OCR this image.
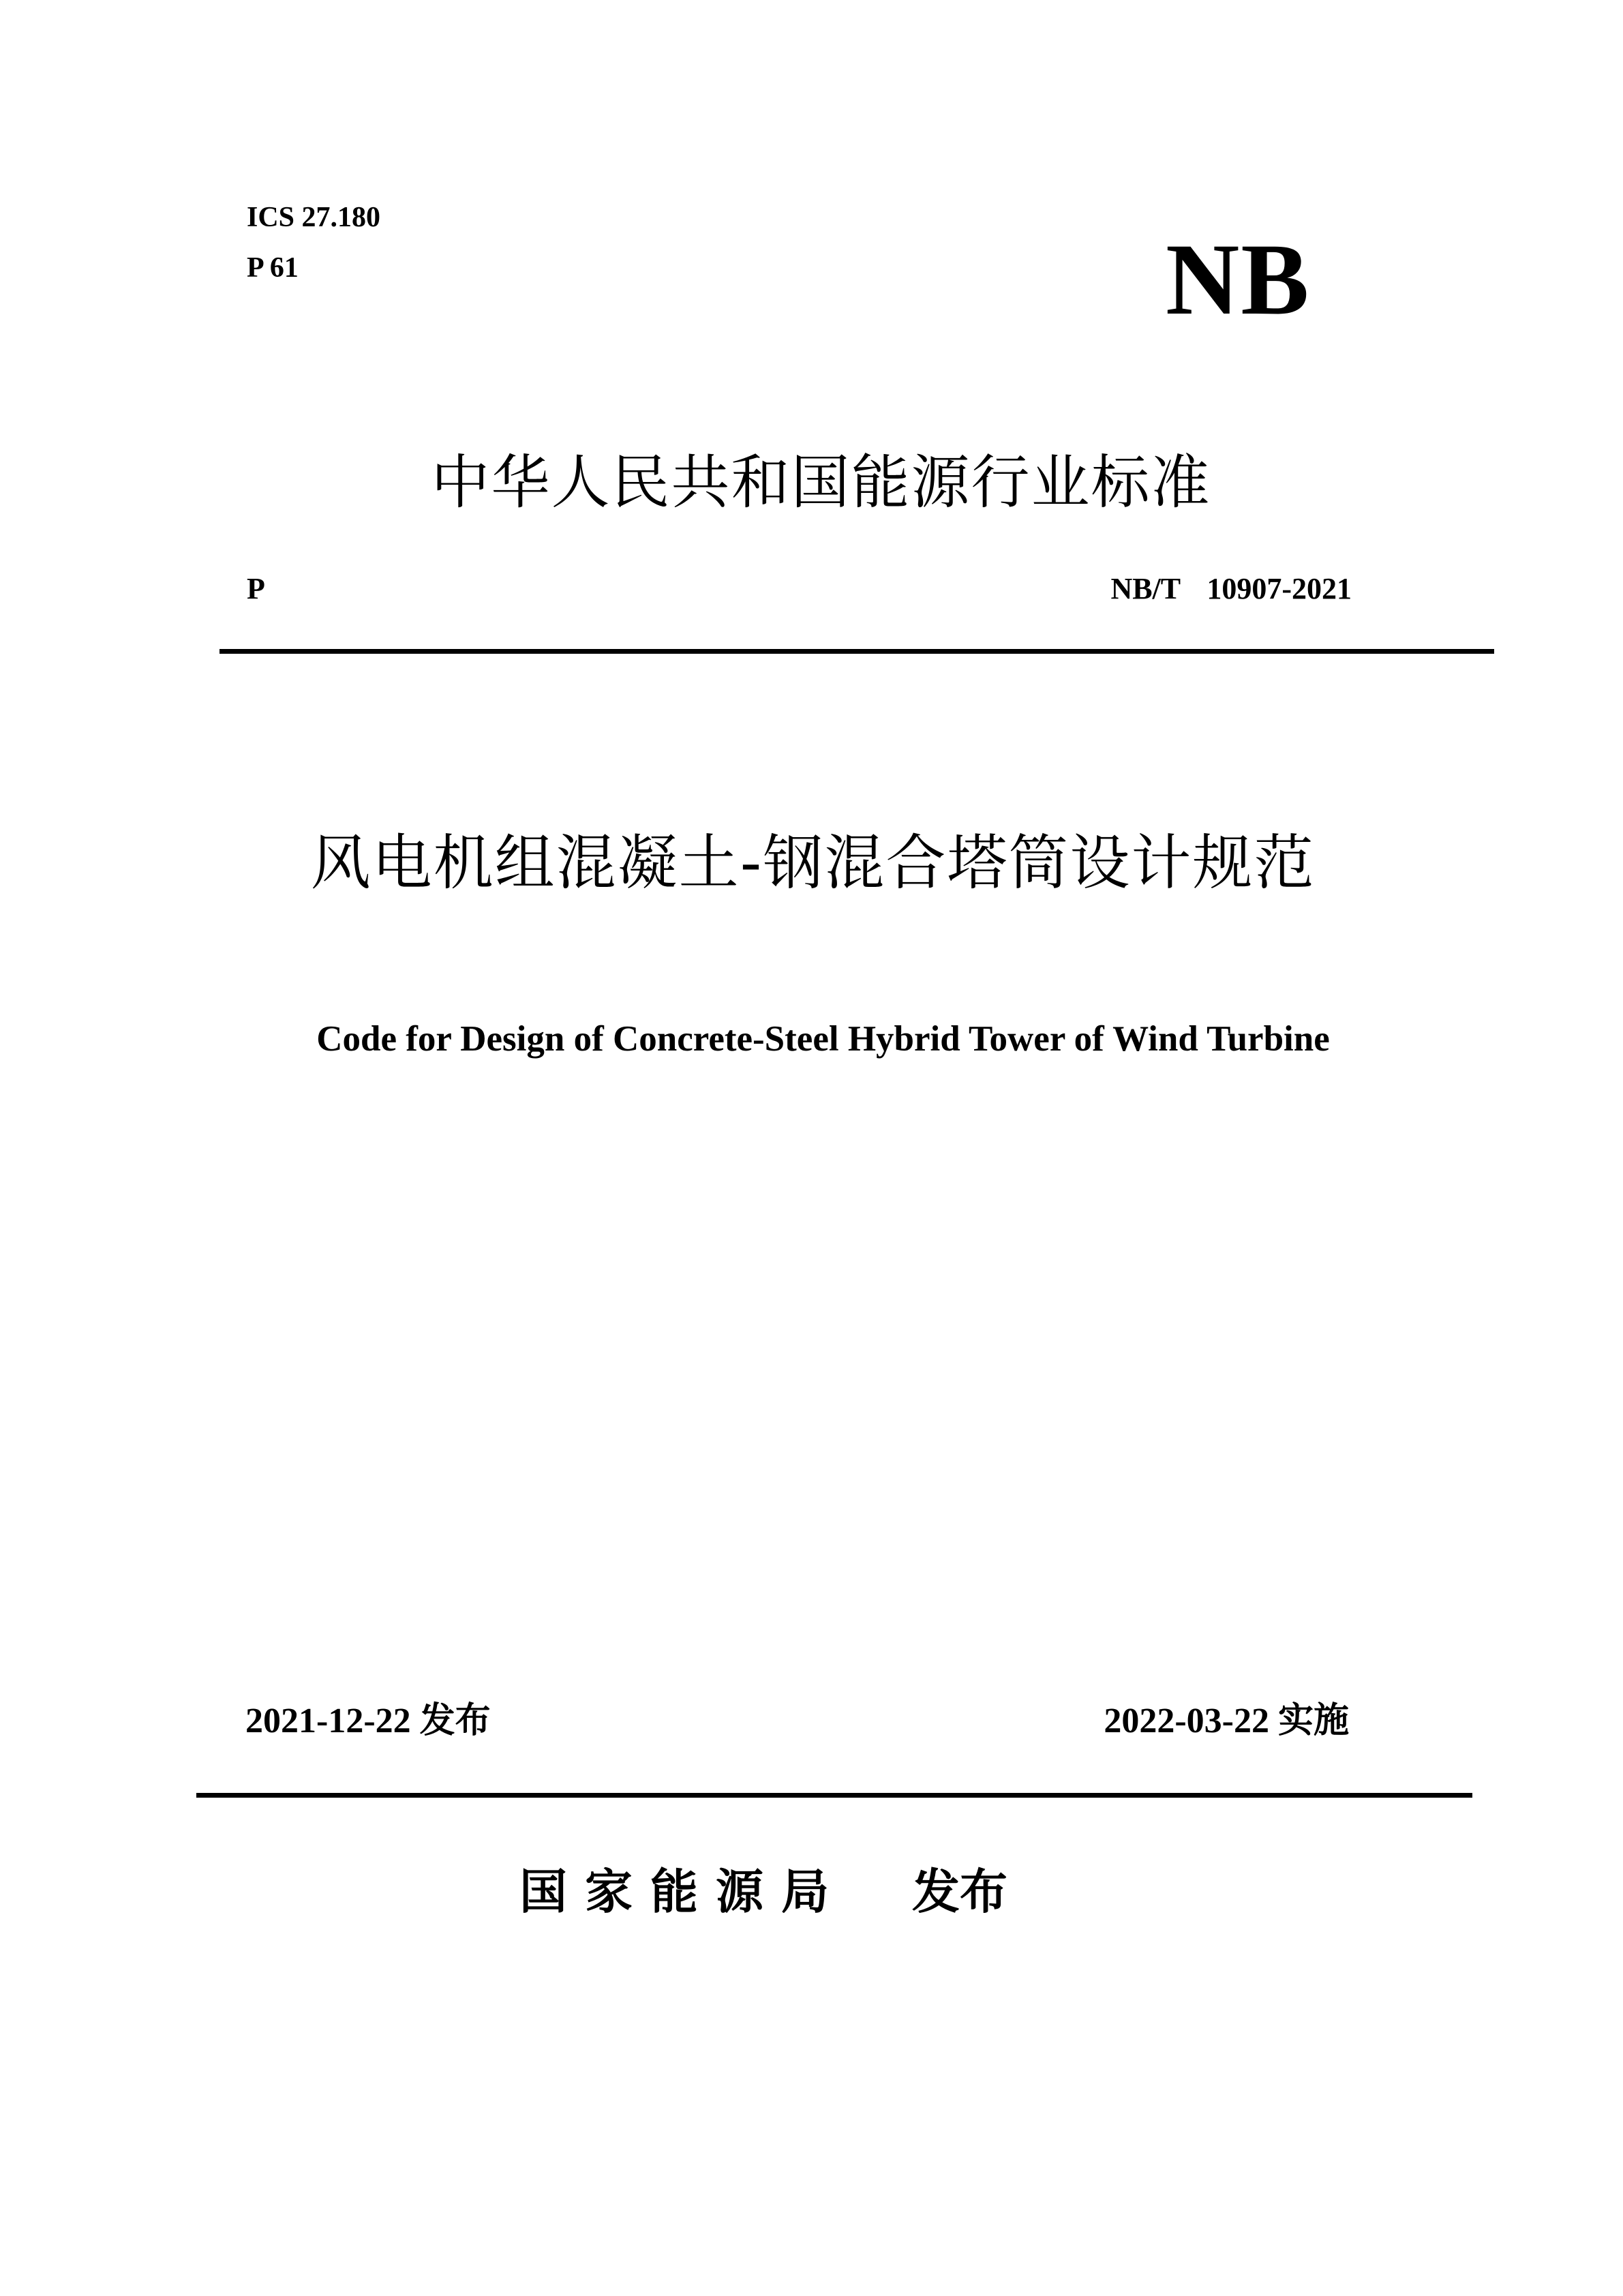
ICS 27.180
P 61	NB
中华人民共和国能源行业标准
P	NB/T 10907-2021
风电机组混凝土-钢混合塔筒设计规范
Code for Design of Concrete-Steel Hybrid Tower of Wind Turbine
2021-12-22 发布	2022-03-22 实施
国家能源局 发布
